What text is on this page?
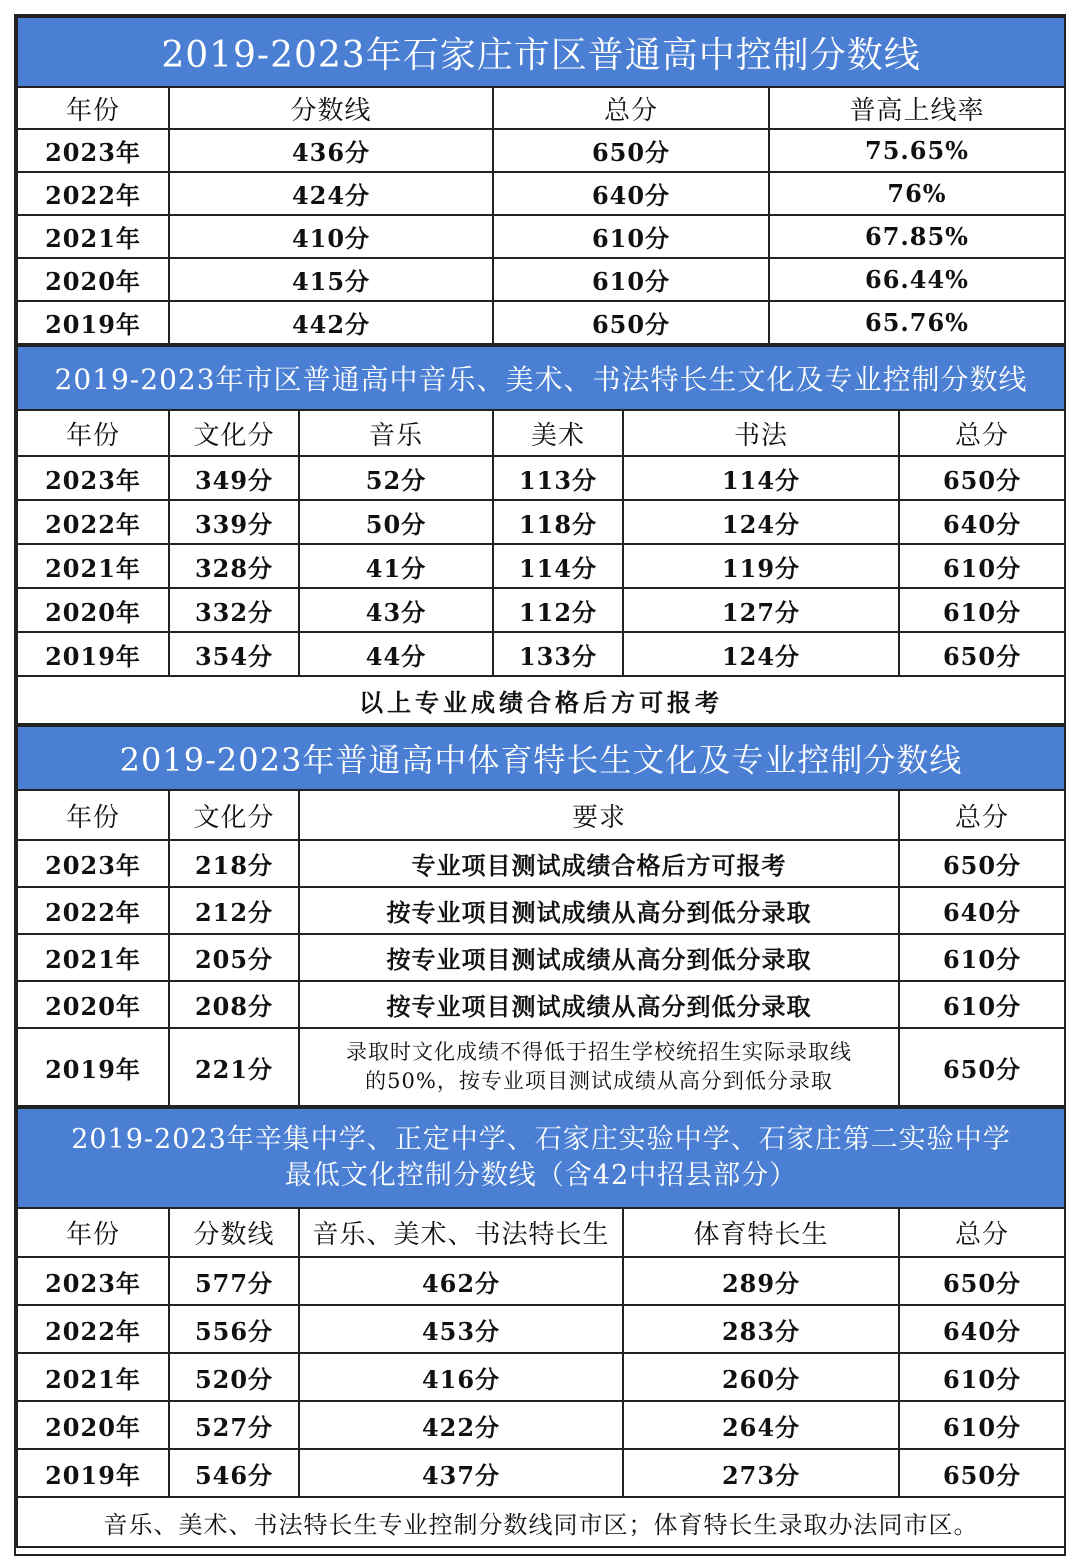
2019-2023年石家庄市区普通高中控制分数线			
年份	分数线	总分	普高上线率
2023年	436分	650分	75.65%
2022年	424分	640分	76%
2021年	410分	610分	67.85%
2020年	415分	610分	66.44%
2019年	442分	650分	65.76%
2019-2023年市区普通高中音乐、美术、书法特长生文化及专业控制分数线					
年份	文化分	音乐	美术	书法	总分
2023年	349分	52分	113分	114分	650分
2022年	339分	50分	118分	124分	640分
2021年	328分	41分	114分	119分	610分
2020年	332分	43分	112分	127分	610分
2019年	354分	44分	133分	124分	650分
以上专业成绩合格后方可报考					
2019-2023年普通高中体育特长生文化及专业控制分数线			
年份	文化分	要求	总分
2023年	218分	专业项目测试成绩合格后方可报考	650分
2022年	212分	按专业项目测试成绩从高分到低分录取	640分
2021年	205分	按专业项目测试成绩从高分到低分录取	610分
2020年	208分	按专业项目测试成绩从高分到低分录取	610分
2019年	221分	录取时文化成绩不得低于招生学校统招生实际录取线
的50%，按专业项目测试成绩从高分到低分录取	650分
2019-2023年辛集中学、正定中学、石家庄实验中学、石家庄第二实验中学
最低文化控制分数线（含42中招县部分）				

年份	分数线	音乐、美术、书法特长生	体育特长生	总分
2023年	577分	462分	289分	650分
2022年	556分	453分	283分	640分
2021年	520分	416分	260分	610分
2020年	527分	422分	264分	610分
2019年	546分	437分	273分	650分
音乐、美术、书法特长生专业控制分数线同市区；体育特长生录取办法同市区。				
